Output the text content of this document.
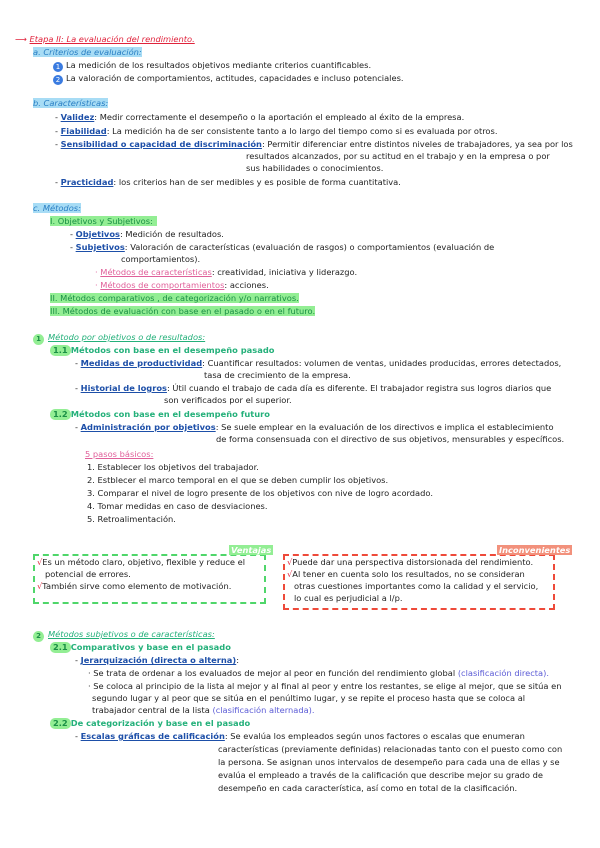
⟶ Etapa II: La evaluación del rendimiento.
a. Criterios de evaluación:
1 La medición de los resultados objetivos mediante criterios cuantificables.
2 La valoración de comportamientos, actitudes, capacidades e incluso potenciales.
b. Características:
- Validez: Medir correctamente el desempeño o la aportación el empleado al éxito de la empresa.
- Fiabilidad: La medición ha de ser consistente tanto a lo largo del tiempo como si es evaluada por otros.
- Sensibilidad o capacidad de discriminación: Permitir diferenciar entre distintos niveles de trabajadores, ya sea por los
resultados alcanzados, por su actitud en el trabajo y en la empresa o por
sus habilidades o conocimientos.
- Practicidad: los criterios han de ser medibles y es posible de forma cuantitativa.
c. Métodos:
I. Objetivos y Subjetivos:
- Objetivos: Medición de resultados.
- Subjetivos: Valoración de características (evaluación de rasgos) o comportamientos (evaluación de
comportamientos).
· Métodos de características: creatividad, iniciativa y liderazgo.
· Métodos de comportamientos: acciones.
II. Métodos comparativos , de categorización y/o narrativos.
III. Métodos de evaluación con base en el pasado o en el futuro.
1 Método por objetivos o de resultados:
1.1 Métodos con base en el desempeño pasado
- Medidas de productividad: Cuantificar resultados: volumen de ventas, unidades producidas, errores detectados,
tasa de crecimiento de la empresa.
- Historial de logros: Útil cuando el trabajo de cada día es diferente. El trabajador registra sus logros diarios que
son verificados por el superior.
1.2 Métodos con base en el desempeño futuro
- Administración por objetivos: Se suele emplear en la evaluación de los directivos e implica el establecimiento
de forma consensuada con el directivo de sus objetivos, mensurables y específicos.
5 pasos básicos:
1. Establecer los objetivos del trabajador.
2. Estblecer el marco temporal en el que se deben cumplir los objetivos.
3. Comparar el nivel de logro presente de los objetivos con nive de logro acordado.
4. Tomar medidas en caso de desviaciones.
5. Retroalimentación.
Ventajas
√Es un método claro, objetivo, flexible y reduce el
potencial de errores.
√También sirve como elemento de motivación.
Inconvenientes
√Puede dar una perspectiva distorsionada del rendimiento.
√Al tener en cuenta solo los resultados, no se consideran
otras cuestiones importantes como la calidad y el servicio,
lo cual es perjudicial a l/p.
2 Métodos subjetivos o de características:
2.1 Comparativos y base en el pasado
- Jerarquización (directa o alterna):
· Se trata de ordenar a los evaluados de mejor al peor en función del rendimiento global (clasificación directa).
· Se coloca al principio de la lista al mejor y al final al peor y entre los restantes, se elige al mejor, que se sitúa en
segundo lugar y al peor que se sitúa en el penúltimo lugar, y se repite el proceso hasta que se coloca al
trabajador central de la lista (clasificación alternada).
2.2 De categorización y base en el pasado
- Escalas gráficas de calificación: Se evalúa los empleados según unos factores o escalas que enumeran
características (previamente definidas) relacionadas tanto con el puesto como con
la persona. Se asignan unos intervalos de desempeño para cada una de ellas y se
evalúa el empleado a través de la calificación que describe mejor su grado de
desempeño en cada característica, así como en total de la clasificación.
